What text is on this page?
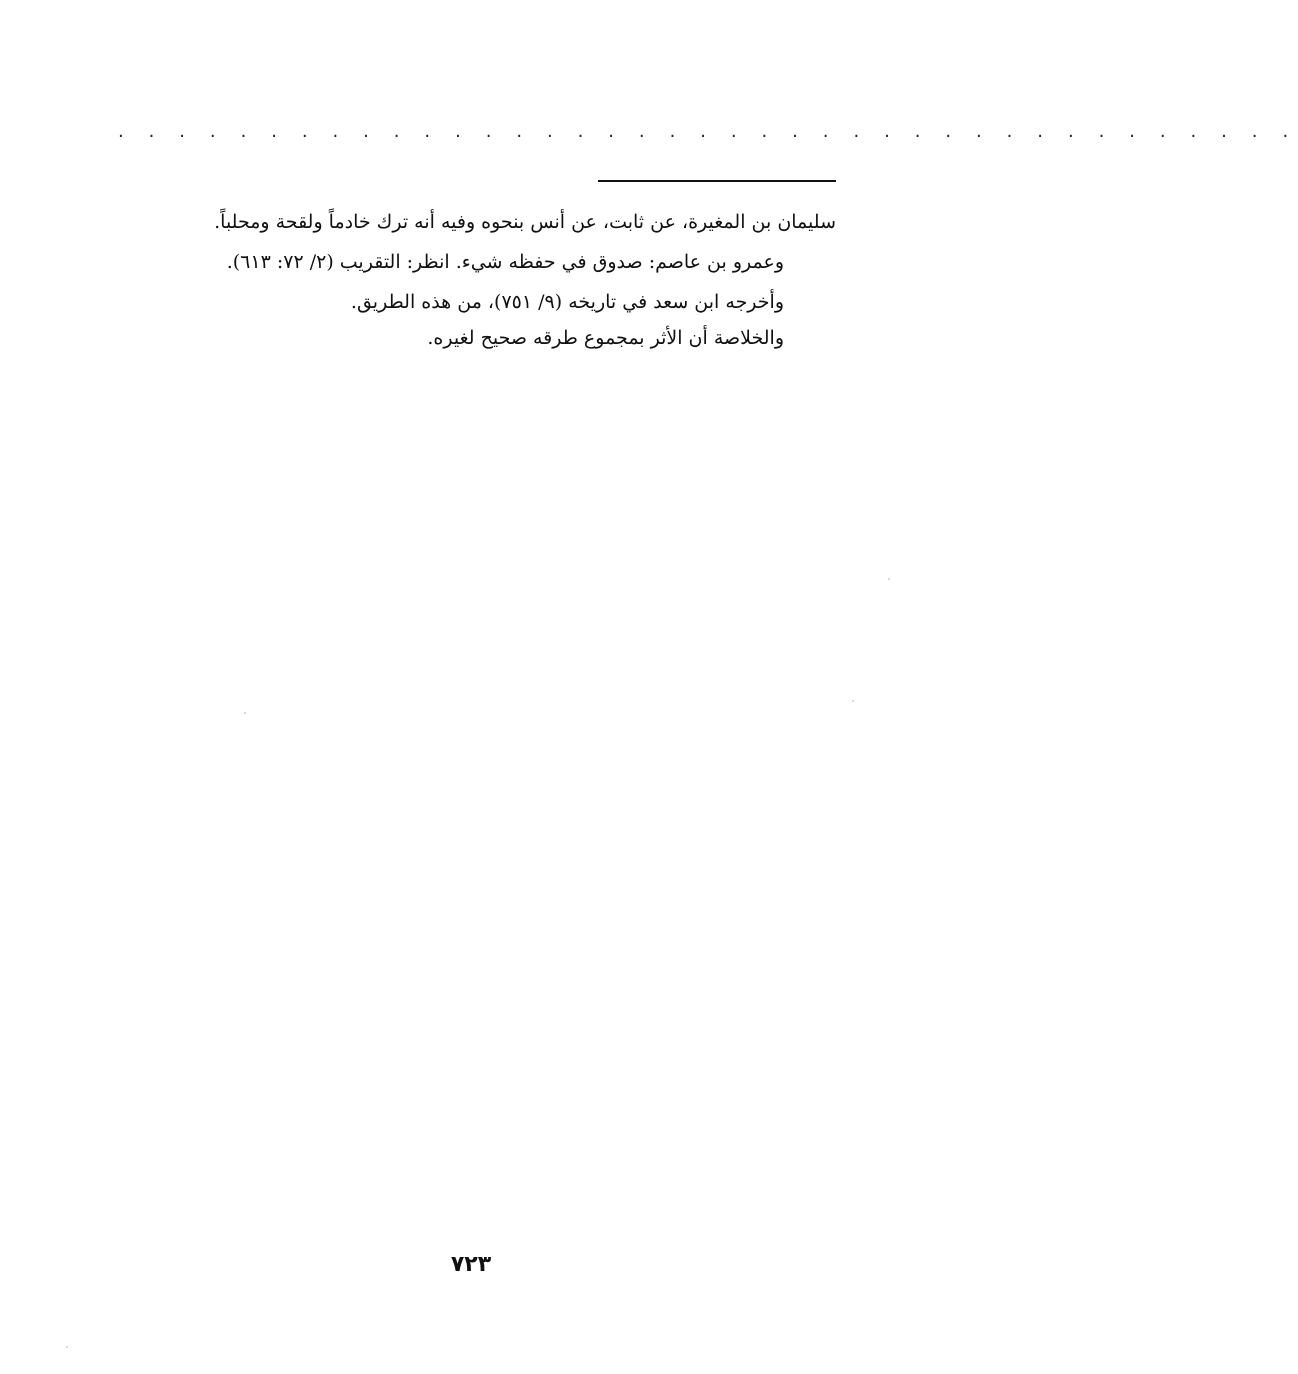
. . . . . . . . . . . . . . . . . . . . . . . . . . . . . . . . . . . . . . .

سليمان بن المغيرة، عن ثابت، عن أنس بنحوه وفيه أنه ترك خادماً ولقحة ومحلباً.

وعمرو بن عاصم: صدوق في حفظه شيء. انظر: التقريب (٢/ ٧٢: ٦١٣).

وأخرجه ابن سعد في تاريخه (٩/ ٧٥١)، من هذه الطريق.

والخلاصة أن الأثر بمجموع طرقه صحيح لغيره.

٧٢٣
